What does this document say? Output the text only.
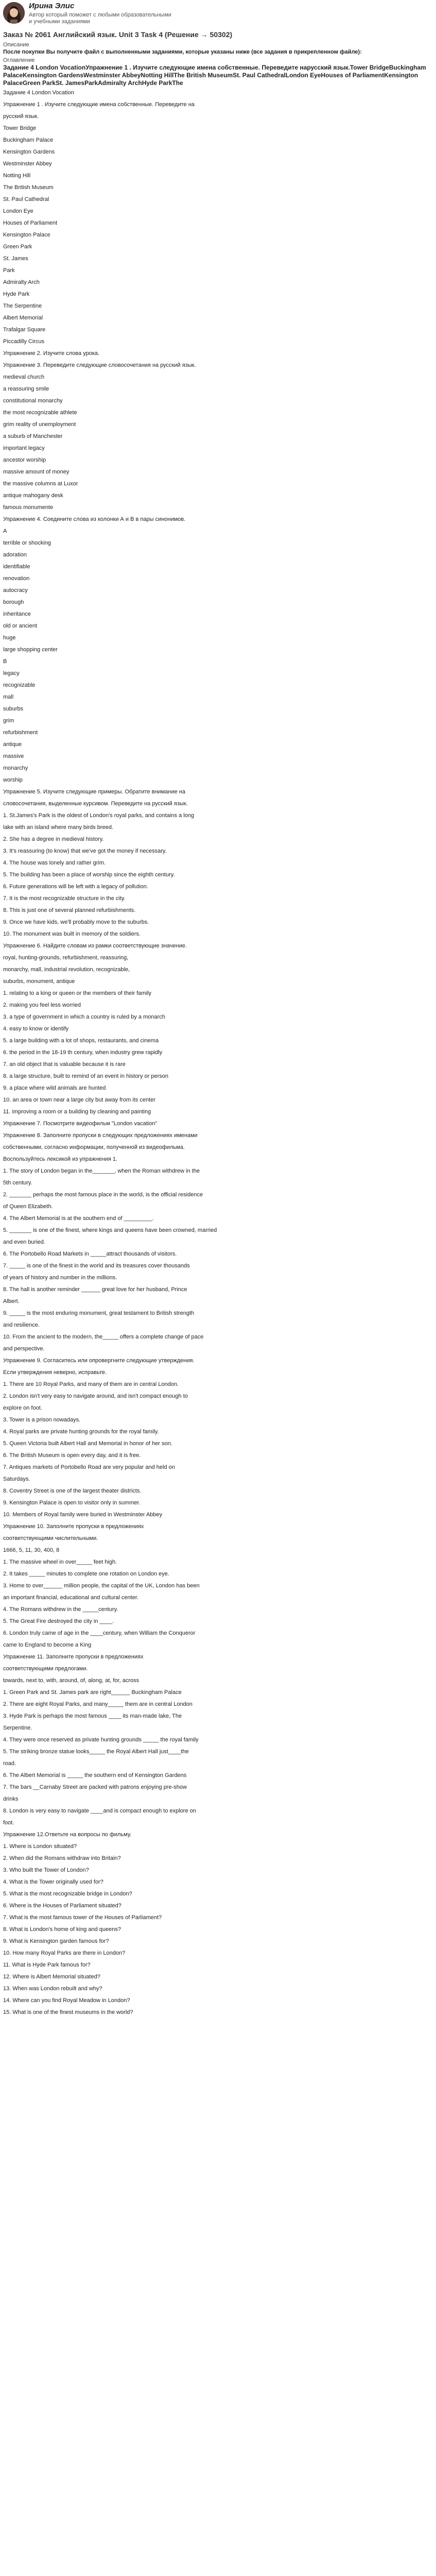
Ирина Элис
Автор который поможет с любыми образовательными и учебными заданиями
Заказ № 2061 Английский язык. Unit 3 Task 4 (Решение → 50302)
Описание
После покупки Вы получите файл с выполненными заданиями, которые указаны ниже (все задания в прикрепленном файле):
Оглавление
Задание 4 London VocationУпражнение 1 . Изучите следующие имена собственные. Переведите нарусский язык.Tower BridgeBuckingham PalaceKensington GardensWestminster AbbeyNotting HillThe British MuseumSt. Paul CathedralLondon EyeHouses of ParliamentKensington PalaceGreen ParkSt. JamesParkAdmiralty ArchHyde ParkThe
Задание 4 London Vocation
Упражнение 1 . Изучите следующие имена собственные. Переведите на
русский язык.
Tower Bridge
Buckingham Palace
Kensington Gardens
Westminster Abbey
Notting Hill
The British Museum
St. Paul Cathedral
London Eye
Houses of Parliament
Kensington Palace
Green Park
St. James
Park
Admiralty Arch
Hyde Park
The Serpentine
Albert Memorial
Trafalgar Square
Piccadilly Circus
Упражнение 2. Изучите слова урока.
Упражнение 3. Переведите следующие словосочетания на русский язык.
medieval church
a reassuring smile
constitutional monarchy
the most recognizable athlete
grim reality of unemployment
a suburb of Manchester
important legacy
ancestor worship
massive amount of money
the massive columns at Luxor
antique mahogany desk
famous monumente
Упражнение 4. Соедините слова из колонки А и В в пары синонимов.
A
terrible or shocking
adoration
identifiable
renovation
autocracy
borough
inheritance
old or ancient
huge
large shopping center
B
legacy
recognizable
mall
suburbs
grim
refurbishment
antique
massive
monarchy
worship
Упражнение 5. Изучите следующие примеры. Обратите внимание на
словосочетания, выделенные курсивом. Переведите на русский язык.
1. St.James's Park is the oldest of London's royal parks, and contains a long
lake with an island where many birds breed.
2. She has a degree in medieval history.
3. It's reassuring (to know) that we've got the money if necessary.
4. The house was lonely and rather grim.
5. The building has been a place of worship since the eighth century.
6. Future generations will be left with a legacy of pollution.
7. It is the most recognizable structure in the city.
8. This is just one of several planned refurbishments.
9. Once we have kids, we'll probably move to the suburbs.
10. The monument was built in memory of the soldiers.
Упражнение 6. Найдите словам из рамки соответствующие значение.
royal, hunting-grounds, refurbishment, reassuring,
monarchy, mall, industrial revolution, recognizable,
suburbs, monument, antique
1. relating to a king or queen or the members of their family
2. making you feel less worried
3. a type of government in which a country is ruled by a monarch
4. easy to know or identify
5. a large building with a lot of shops, restaurants, and cinema
6. the period in the 18-19 th century, when industry grew rapidly
7. an old object that is valuable because it is rare
8. a large structure, built to remind of an event in history or person
9. a place where wild animals are hunted
10. an area or town near a large city but away from its center
11. improving a room or a building by cleaning and painting
Упражнение 7. Посмотрите видеофильм "London vacation"
Упражнение 8. Заполните пропуски в следующих предложениях именами
собственными, согласно информации, полученной из видеофильма.
Воспользуйтесь лексикой из упражнения 1.
1. The story of London began in the_______, when the Roman withdrew in the
5th century.
2. _______ perhaps the most famous place in the world, is the official residence
of Queen Elizabeth.
4. The Albert Memorial is at the southern end of _________.
5. _______ is one of the finest, where kings and queens have been crowned, married
and even buried.
6. The Portobello Road Markets in _____attract thousands of visitors.
7. _____ is one of the finest in the world and its treasures cover thousands
of years of history and number in the millions.
8. The hall is another reminder ______ great love for her husband, Prince
Albert.
9. _____ is the most enduring monument, great testament to British strength
and resilience.
10. From the ancient to the modern, the_____ offers a complete change of pace
and perspective.
Упражнение 9. Согласитесь или опровергните следующие утверждения.
Если утверждения неверно, исправьте.
1. There are 10 Royal Parks, and many of them are in central London.
2. London isn't very easy to navigate around, and isn't compact enough to
explore on foot.
3. Tower is a prison nowadays.
4. Royal parks are private hunting grounds for the royal family.
5. Queen Victoria built Albert Hall and Memorial in honor of her son.
6. The British Museum is open every day, and it is free.
7. Antiques markets of Portobello Road are very popular and held on
Saturdays.
8. Coventry Street is one of the largest theater districts.
9. Kensington Palace is open to visitor only in summer.
10. Members of Royal family were buried in Westminster Abbey
Упражнение 10. Заполните пропуски в предложениях
соответствующими числительными.
1666, 5, 11, 30, 400, 8
1. The massive wheel in over_____ feet high.
2. It takes _____ minutes to complete one rotation on London eye.
3. Home to over______ million people, the capital of the UK, London has been
an important financial, educational and cultural center.
4. The Romans withdrew in the _____century.
5. The Great Fire destroyed the city in ____.
6. London truly came of age in the ____century, when William the Conqueror
came to England to become a King
Упражнение 11. Заполните пропуски в предложениях
соответствующими предлогами.
towards, next to, with, around, of, along, at, for, across
1. Green Park and St. James park are right______ Buckingham Palace
2. There are eight Royal Parks, and many_____ them are in central London
3. Hyde Park is perhaps the most famous ____ its man-made lake, The
Serpentine.
4. They were once reserved as private hunting grounds _____ the royal family
5. The striking bronze statue looks_____ the Royal Albert Hall just____the
road.
6. The Albert Memorial is _____ the southern end of Kensington Gardens
7. The bars __Carnaby Street are packed with patrons enjoying pre-show
drinks
8. London is very easy to navigate ____and is compact enough to explore on
foot.
Упражнение 12.Ответьте на вопросы по фильму.
1. Where is London situated?
2. When did the Romans withdraw into Britain?
3. Who built the Tower of London?
4. What is the Tower originally used for?
5. What is the most recognizable bridge in London?
6. Where is the Houses of Parliament situated?
7. What is the most famous tower of the Houses of Parliament?
8. What is London's home of king and queens?
9. What is Kensington garden famous for?
10. How many Royal Parks are there in London?
11. What is Hyde Park famous for?
12. Where is Albert Memorial situated?
13. When was London rebuilt and why?
14. Where can you find Royal Meadow in London?
15. What is one of the finest museums in the world?
